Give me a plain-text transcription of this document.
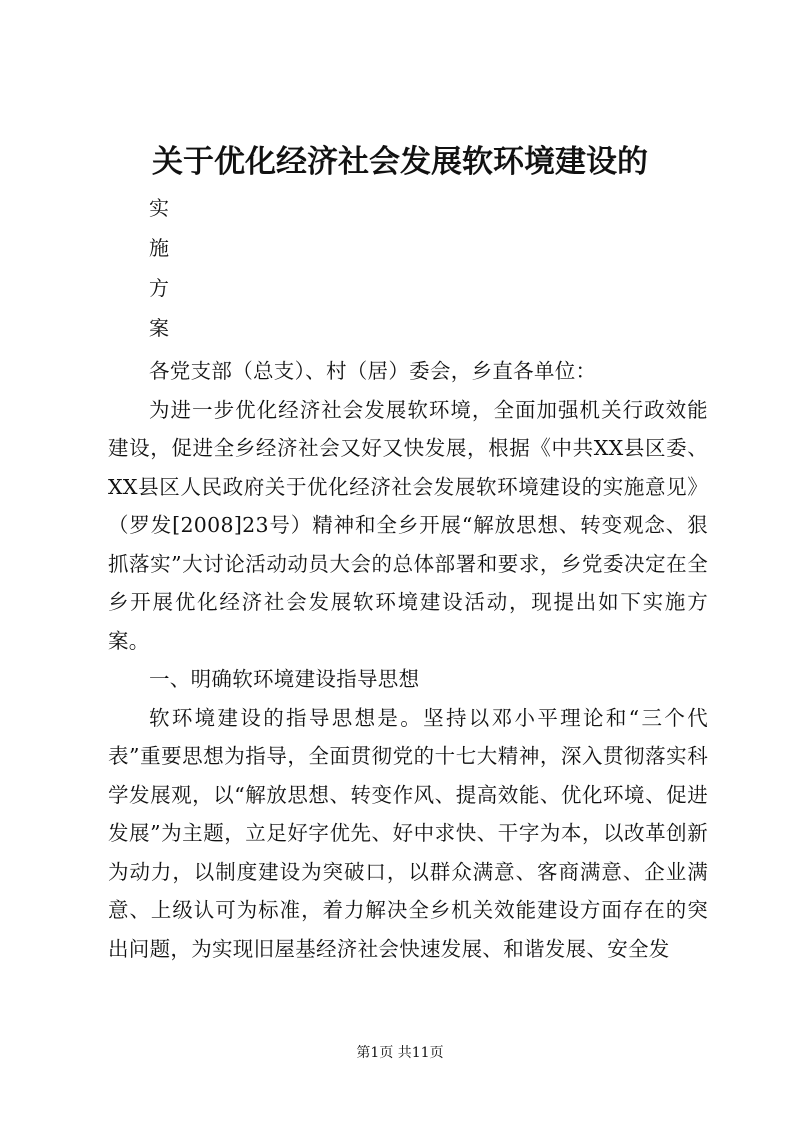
关于优化经济社会发展软环境建设的
实
施
方
案

各党支部（总支）、村（居）委会，乡直各单位：

为进一步优化经济社会发展软环境，全面加强机关行政效能建设，促进全乡经济社会又好又快发展，根据《中共XX县区委、XX县区人民政府关于优化经济社会发展软环境建设的实施意见》（罗发[2008]23号）精神和全乡开展“解放思想、转变观念、狠抓落实”大讨论活动动员大会的总体部署和要求，乡党委决定在全乡开展优化经济社会发展软环境建设活动，现提出如下实施方案。

一、明确软环境建设指导思想

软环境建设的指导思想是。坚持以邓小平理论和“三个代表”重要思想为指导，全面贯彻党的十七大精神，深入贯彻落实科学发展观，以“解放思想、转变作风、提高效能、优化环境、促进发展”为主题，立足好字优先、好中求快、干字为本，以改革创新为动力，以制度建设为突破口，以群众满意、客商满意、企业满意、上级认可为标准，着力解决全乡机关效能建设方面存在的突出问题，为实现旧屋基经济社会快速发展、和谐发展、安全发

第1页 共11页
